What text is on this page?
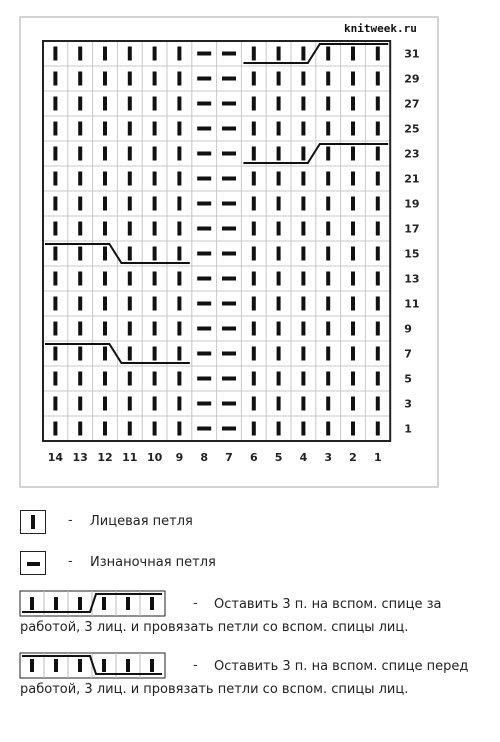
knitweek.ru
31
29
27
25
23
21
19
17
15
13
11
9
7
5
3
1
14 13 12 11 10 9 8 7 6 5 4 3 2 1
- Лицевая петля
- Изнаночная петля
- Оставить 3 п. на вспом. спице за
работой, 3 лиц. и провязать петли со вспом. спицы лиц.
- Оставить 3 п. на вспом. спице перед
работой, 3 лиц. и провязать петли со вспом. спицы лиц.
